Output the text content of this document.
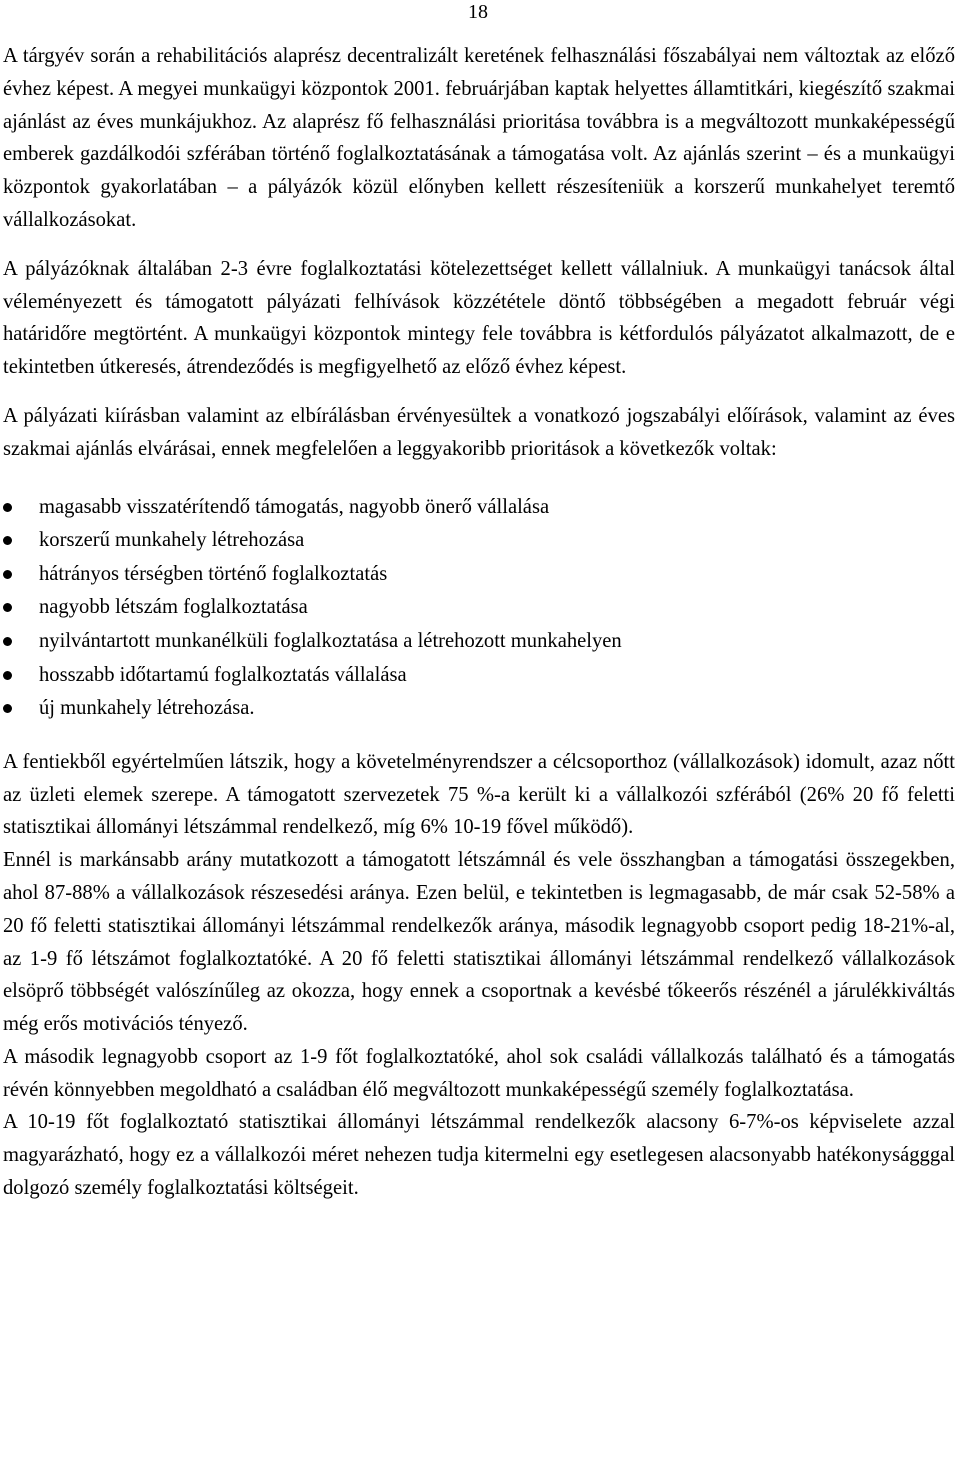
18

A tárgyév során a rehabilitációs alaprész decentralizált keretének felhasználási főszabályai nem változtak az előző évhez képest. A megyei munkaügyi központok 2001. februárjában kaptak helyettes államtitkári, kiegészítő szakmai ajánlást az éves munkájukhoz. Az alaprész fő felhasználási prioritása továbbra is a megváltozott munkaképességű emberek gazdálkodói szférában történő foglalkoztatásának a támogatása volt. Az ajánlás szerint – és a munkaügyi központok gyakorlatában – a pályázók közül előnyben kellett részesíteniük a korszerű munkahelyet teremtő vállalkozásokat.

A pályázóknak általában 2-3 évre foglalkoztatási kötelezettséget kellett vállalniuk. A munkaügyi tanácsok által véleményezett és támogatott pályázati felhívások közzététele döntő többségében a megadott február végi határidőre megtörtént. A munkaügyi központok mintegy fele továbbra is kétfordulós pályázatot alkalmazott, de e tekintetben útkeresés, átrendeződés is megfigyelhető az előző évhez képest.

A pályázati kiírásban valamint az elbírálásban érvényesültek a vonatkozó jogszabályi előírások, valamint az éves szakmai ajánlás elvárásai, ennek megfelelően a leggyakoribb prioritások a következők voltak:

magasabb visszatérítendő támogatás, nagyobb önerő vállalása
korszerű munkahely létrehozása
hátrányos térségben történő foglalkoztatás
nagyobb létszám foglalkoztatása
nyilvántartott munkanélküli foglalkoztatása a létrehozott munkahelyen
hosszabb időtartamú foglalkoztatás vállalása
új munkahely létrehozása.

A fentiekből egyértelműen látszik, hogy a követelményrendszer a célcsoporthoz (vállalkozások) idomult, azaz nőtt az üzleti elemek szerepe. A támogatott szervezetek 75 %-a került ki a vállalkozói szférából (26% 20 fő feletti statisztikai állományi létszámmal rendelkező, míg 6% 10-19 fővel működő).

Ennél is markánsabb arány mutatkozott a támogatott létszámnál és vele összhangban a támogatási összegekben, ahol 87-88% a vállalkozások részesedési aránya. Ezen belül, e tekintetben is legmagasabb, de már csak 52-58% a 20 fő feletti statisztikai állományi létszámmal rendelkezők aránya, második legnagyobb csoport pedig 18-21%-al, az 1-9 fő létszámot foglalkoztatóké. A 20 fő feletti statisztikai állományi létszámmal rendelkező vállalkozások elsöprő többségét valószínűleg az okozza, hogy ennek a csoportnak a kevésbé tőkeerős részénél a járulékkiváltás még erős motivációs tényező.

A második legnagyobb csoport az 1-9 főt foglalkoztatóké, ahol sok családi vállalkozás található és a támogatás révén könnyebben megoldható a családban élő megváltozott munkaképességű személy foglalkoztatása.

A 10-19 főt foglalkoztató statisztikai állományi létszámmal rendelkezők alacsony 6-7%-os képviselete azzal magyarázható, hogy ez a vállalkozói méret nehezen tudja kitermelni egy esetlegesen alacsonyabb hatékonyságggal dolgozó személy foglalkoztatási költségeit.
